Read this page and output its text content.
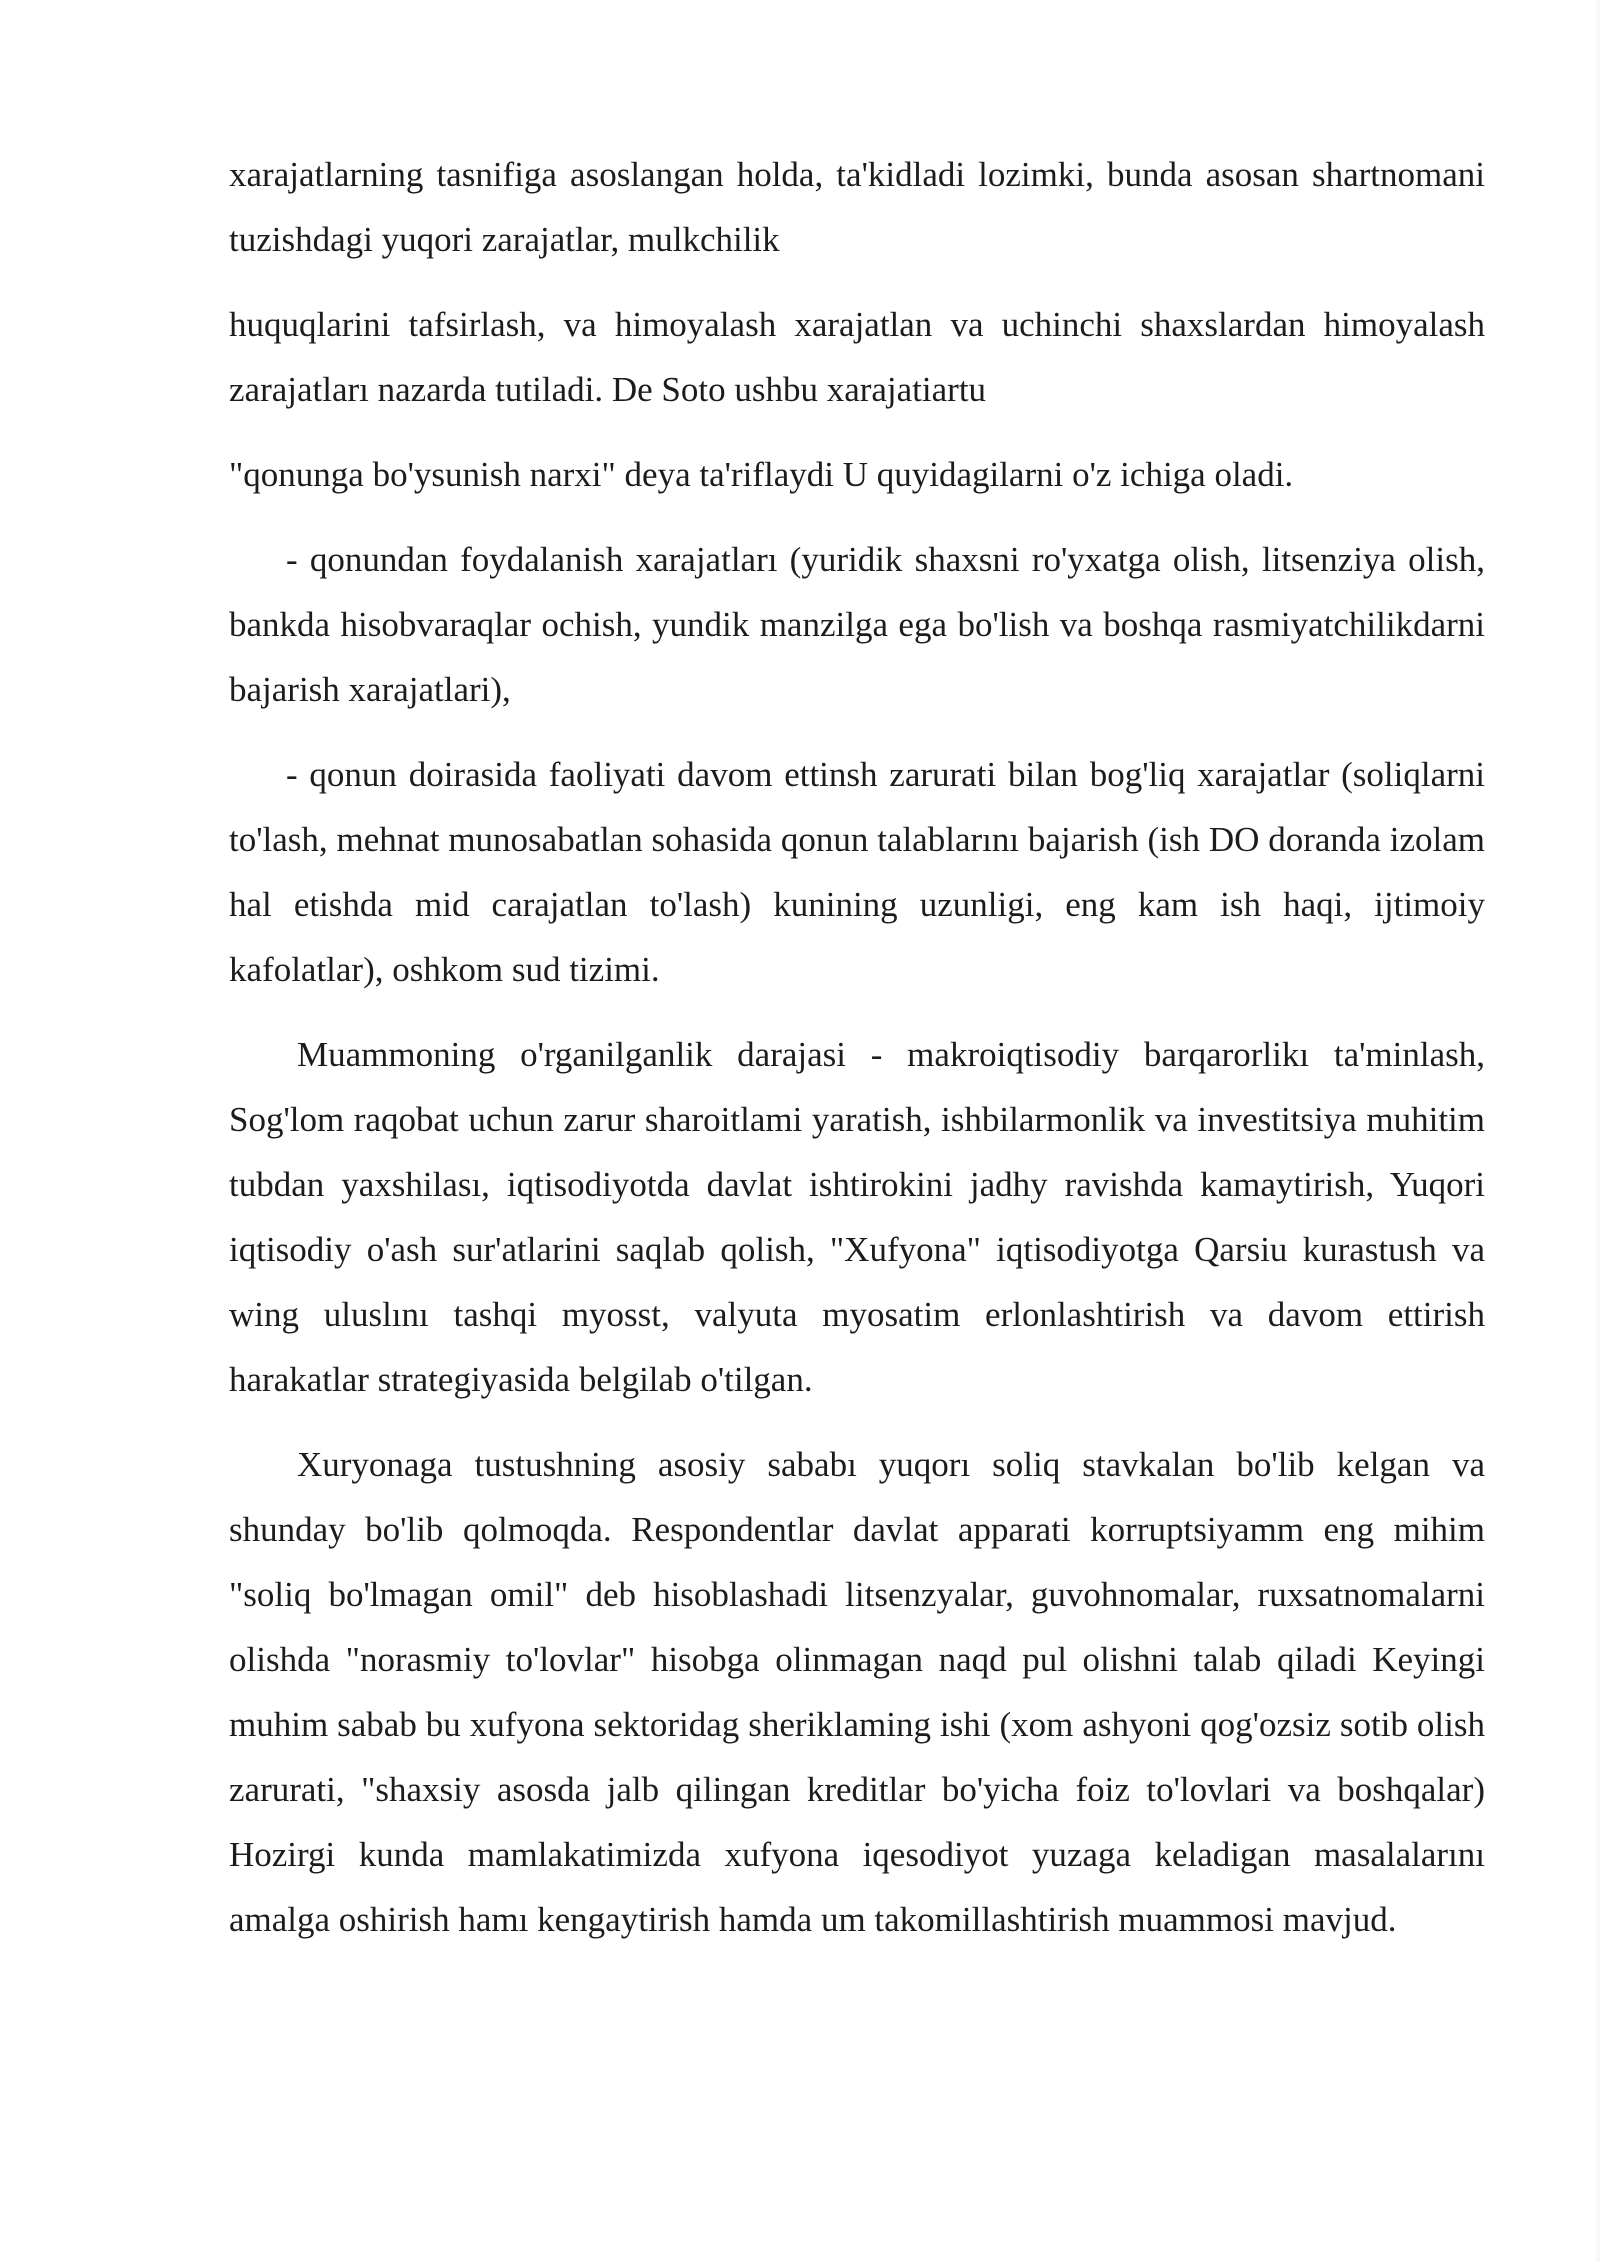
xarajatlarning tasnifiga asoslangan holda, ta'kidladi lozimki, bunda asosan shartnomani tuzishdagi yuqori zarajatlar, mulkchilik

huquqlarini tafsirlash, va himoyalash xarajatlan va uchinchi shaxslardan himoyalash zarajatları nazarda tutiladi. De Soto ushbu xarajatiartu

"qonunga bo'ysunish narxi" deya ta'riflaydi U quyidagilarni o'z ichiga oladi.

- qonundan foydalanish xarajatları (yuridik shaxsni ro'yxatga olish, litsenziya olish, bankda hisobvaraqlar ochish, yundik manzilga ega bo'lish va boshqa rasmiyatchilikdarni bajarish xarajatlari),

- qonun doirasida faoliyati davom ettinsh zarurati bilan bog'liq xarajatlar (soliqlarni to'lash, mehnat munosabatlan sohasida qonun talablarını bajarish (ish DO doranda izolam hal etishda mid carajatlan to'lash) kunining uzunligi, eng kam ish haqi, ijtimoiy kafolatlar), oshkom sud tizimi.

Muammoning o'rganilganlik darajasi - makroiqtisodiy barqarorlikı ta'minlash, Sog'lom raqobat uchun zarur sharoitlami yaratish, ishbilarmonlik va investitsiya muhitim tubdan yaxshilası, iqtisodiyotda davlat ishtirokini jadhy ravishda kamaytirish, Yuqori iqtisodiy o'ash sur'atlarini saqlab qolish, "Xufyona" iqtisodiyotga Qarsiu kurastush va wing uluslını tashqi myosst, valyuta myosatim erlonlashtirish va davom ettirish harakatlar strategiyasida belgilab o'tilgan.

Xuryonaga tustushning asosiy sababı yuqorı soliq stavkalan bo'lib kelgan va shunday bo'lib qolmoqda. Respondentlar davlat apparati korruptsiyamm eng mihim "soliq bo'lmagan omil" deb hisoblashadi litsenzyalar, guvohnomalar, ruxsatnomalarni olishda "norasmiy to'lovlar" hisobga olinmagan naqd pul olishni talab qiladi Keyingi muhim sabab bu xufyona sektoridag sheriklaming ishi (xom ashyoni qog'ozsiz sotib olish zarurati, "shaxsiy asosda jalb qilingan kreditlar bo'yicha foiz to'lovlari va boshqalar) Hozirgi kunda mamlakatimizda xufyona iqesodiyot yuzaga keladigan masalalarını amalga oshirish hamı kengaytirish hamda um takomillashtirish muammosi mavjud.
